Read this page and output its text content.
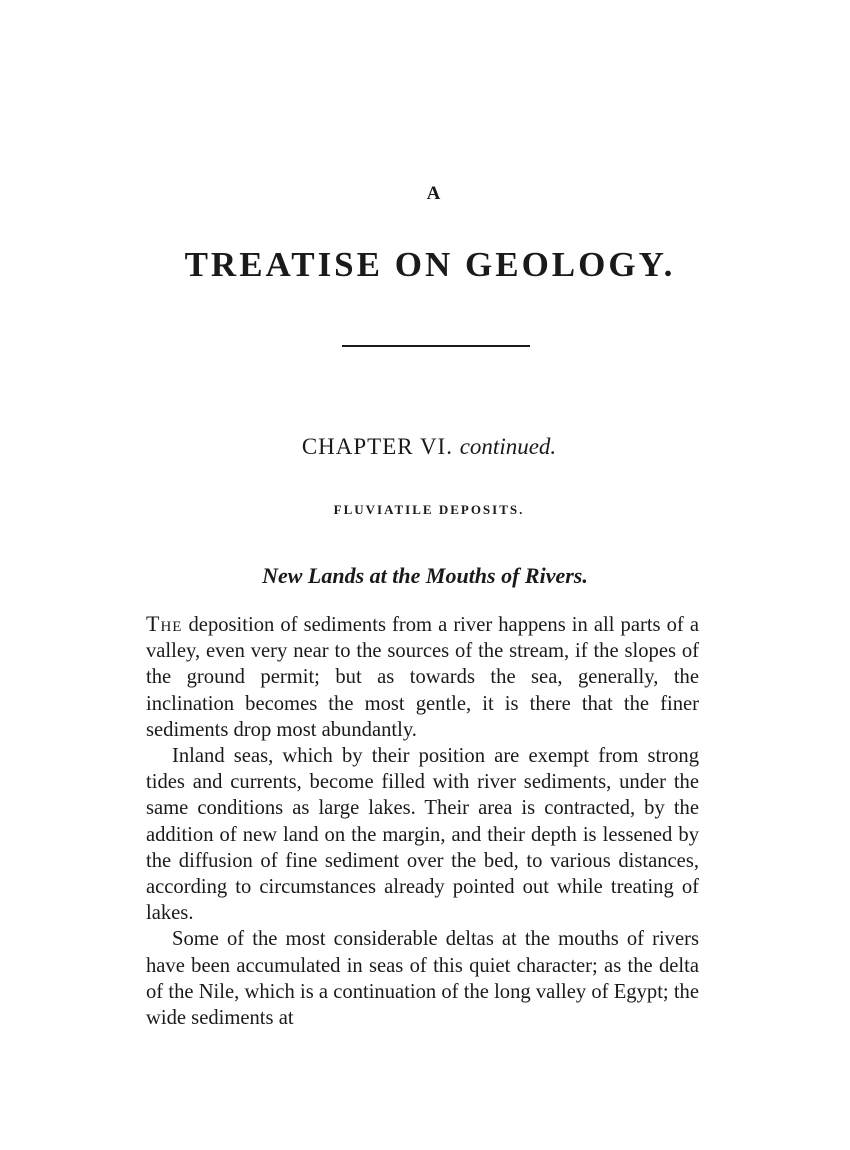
A
TREATISE ON GEOLOGY.
CHAPTER VI. continued.
FLUVIATILE DEPOSITS.
New Lands at the Mouths of Rivers.

The deposition of sediments from a river happens in all parts of a valley, even very near to the sources of the stream, if the slopes of the ground permit; but as towards the sea, generally, the inclination becomes the most gentle, it is there that the finer sediments drop most abundantly.

Inland seas, which by their position are exempt from strong tides and currents, become filled with river sediments, under the same conditions as large lakes. Their area is contracted, by the addition of new land on the margin, and their depth is lessened by the diffusion of fine sediment over the bed, to various distances, according to circumstances already pointed out while treating of lakes.

Some of the most considerable deltas at the mouths of rivers have been accumulated in seas of this quiet character; as the delta of the Nile, which is a continuation of the long valley of Egypt; the wide sediments at
